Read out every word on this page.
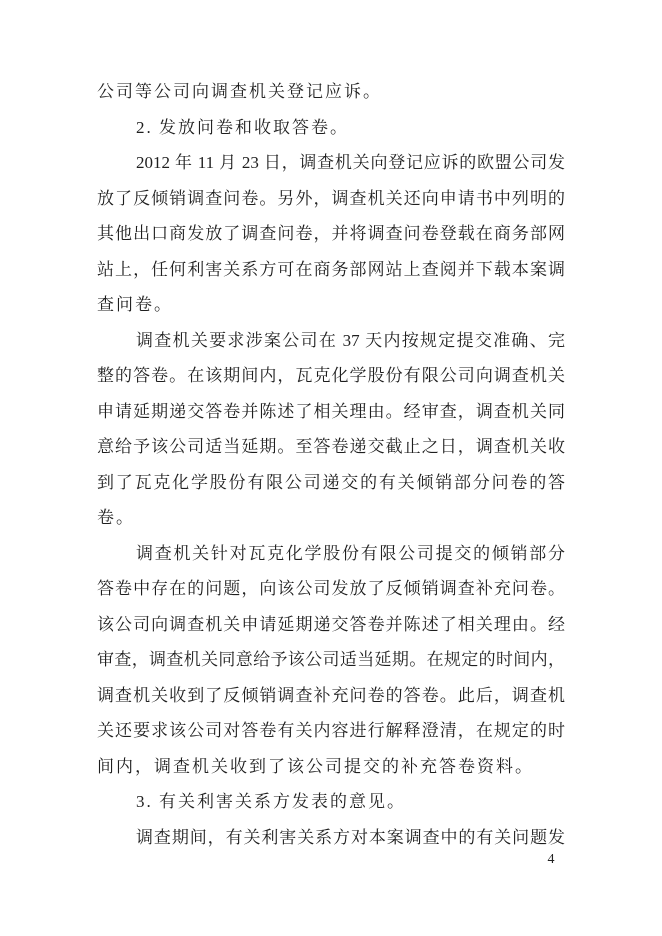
公司等公司向调查机关登记应诉。
2. 发放问卷和收取答卷。
2012 年 11 月 23 日，调查机关向登记应诉的欧盟公司发
放了反倾销调查问卷。另外，调查机关还向申请书中列明的
其他出口商发放了调查问卷，并将调查问卷登载在商务部网
站上，任何利害关系方可在商务部网站上查阅并下载本案调
查问卷。
调查机关要求涉案公司在 37 天内按规定提交准确、完
整的答卷。在该期间内，瓦克化学股份有限公司向调查机关
申请延期递交答卷并陈述了相关理由。经审查，调查机关同
意给予该公司适当延期。至答卷递交截止之日，调查机关收
到了瓦克化学股份有限公司递交的有关倾销部分问卷的答
卷。
调查机关针对瓦克化学股份有限公司提交的倾销部分
答卷中存在的问题，向该公司发放了反倾销调查补充问卷。
该公司向调查机关申请延期递交答卷并陈述了相关理由。经
审查，调查机关同意给予该公司适当延期。在规定的时间内，
调查机关收到了反倾销调查补充问卷的答卷。此后，调查机
关还要求该公司对答卷有关内容进行解释澄清，在规定的时
间内，调查机关收到了该公司提交的补充答卷资料。
3. 有关利害关系方发表的意见。
调查期间，有关利害关系方对本案调查中的有关问题发
4
